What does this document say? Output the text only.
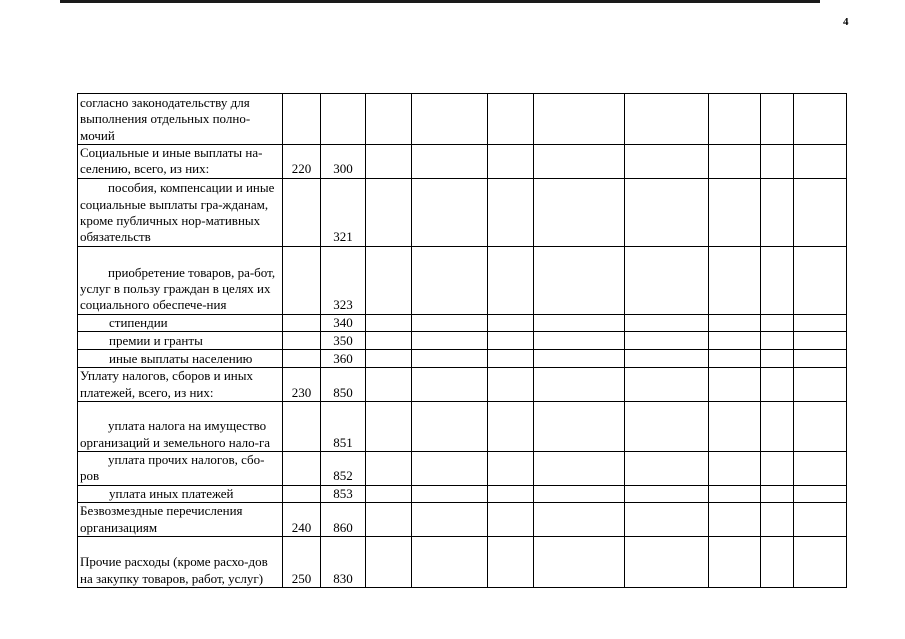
4
согласно законодательству для выполнения отдельных полно-мочий										
Социальные и иные выплаты на-селению, всего, из них:	220	300								
пособия, компенсации и иные социальные выплаты гра-жданам, кроме публичных нор-мативных обязательств		321								
приобретение товаров, ра-бот, услуг в пользу граждан в целях их социального обеспече-ния		323								
стипендии		340								
премии и гранты		350								
иные выплаты населению		360								
Уплату налогов, сборов и иных платежей, всего, из них:	230	850								
уплата налога на имущество организаций и земельного нало-га		851								
уплата прочих налогов, сбо-ров		852								
уплата иных платежей		853								
Безвозмездные перечисления организациям	240	860								
Прочие расходы (кроме расхо-дов на закупку товаров, работ, услуг)	250	830								
